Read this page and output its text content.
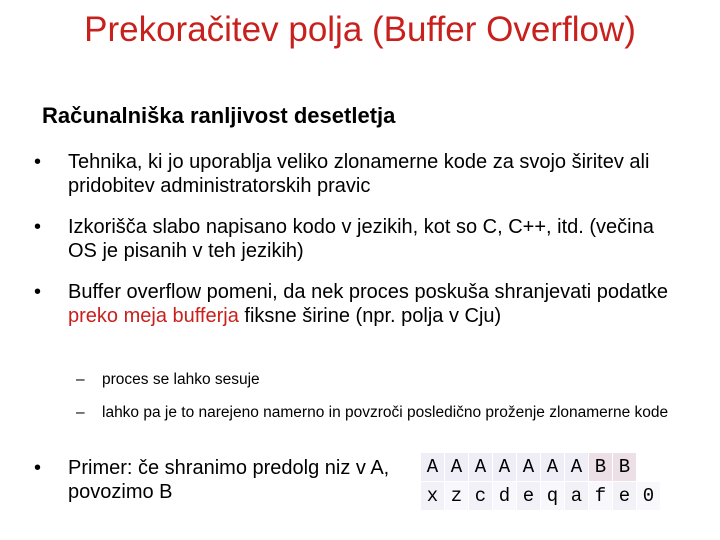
Prekoračitev polja (Buffer Overflow)
Računalniška ranljivost desetletja
•	Tehnika, ki jo uporablja veliko zlonamerne kode za svojo širitev ali pridobitev administratorskih pravic
•	Izkorišča slabo napisano kodo v jezikih, kot so C, C++, itd. (večina OS je pisanih v teh jezikih)
•	Buffer overflow pomeni, da nek proces poskuša shranjevati podatke preko meja bufferja fiksne širine (npr. polja v Cju)
–	proces se lahko sesuje
–	lahko pa je to narejeno namerno in povzroči posledično proženje zlonamerne kode
•	Primer: če shranimo predolg niz v A, povozimo B
A	A	A	A	A	A	A	B	B	
x	z	c	d	e	q	a	f	e	0
